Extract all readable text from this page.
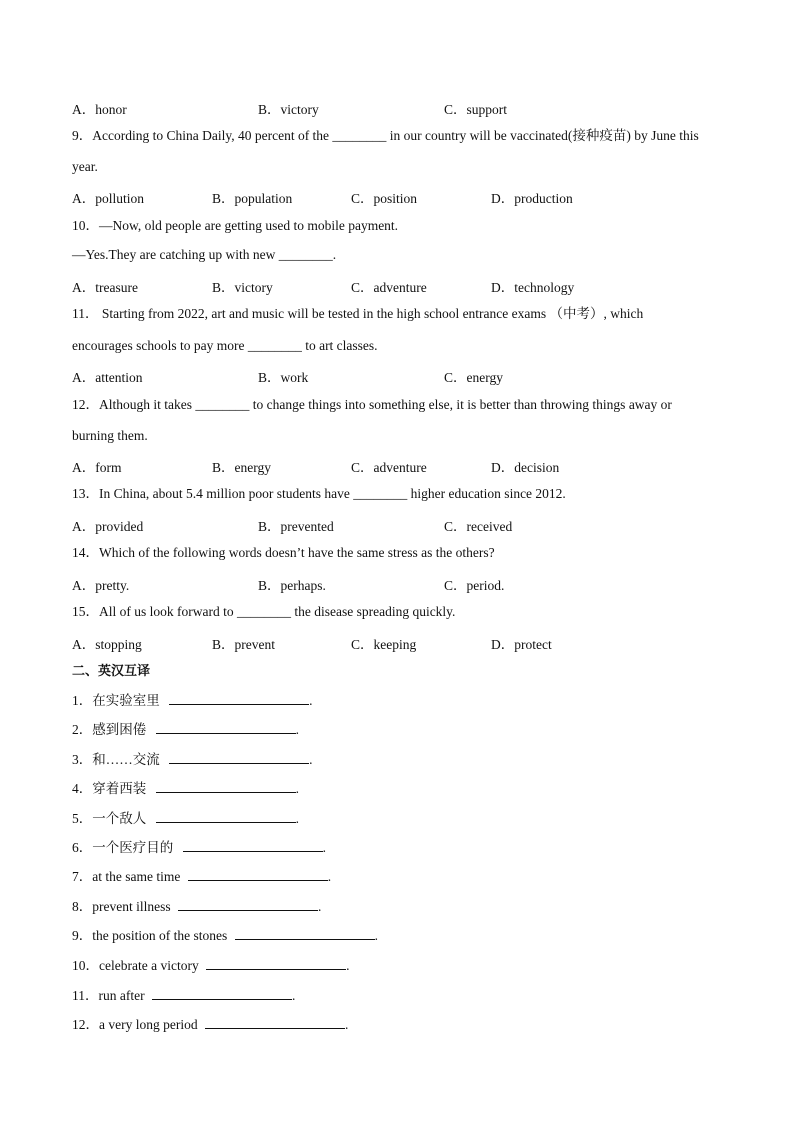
A．honor	B．victory	C．support
9．According to China Daily, 40 percent of the ________ in our country will be vaccinated(接种疫苗) by June this
year.
A．pollution	B．population	C．position	D．production
10．—Now, old people are getting used to mobile payment.
—Yes.They are catching up with new ________.
A．treasure	B．victory	C．adventure	D．technology
11． Starting from 2022, art and music will be tested in the high school entrance exams （中考）, which
encourages schools to pay more ________ to art classes.
A．attention	B．work	C．energy
12．Although it takes ________ to change things into something else, it is better than throwing things away or
burning them.
A．form	B．energy	C．adventure	D．decision
13．In China, about 5.4 million poor students have ________ higher education since 2012.
A．provided	B．prevented	C．received
14．Which of the following words doesn’t have the same stress as the others?
A．pretty.	B．perhaps.	C．period.
15．All of us look forward to ________ the disease spreading quickly.
A．stopping	B．prevent	C．keeping	D．protect
二、英汉互译
1．在实验室里	.
2．感到困倦	.
3．和……交流	.
4．穿着西装	.
5．一个敌人	.
6．一个医疗目的	.
7．at the same time	.
8．prevent illness	.
9．the position of the stones	.
10．celebrate a victory	.
11．run after	.
12．a very long period	.
